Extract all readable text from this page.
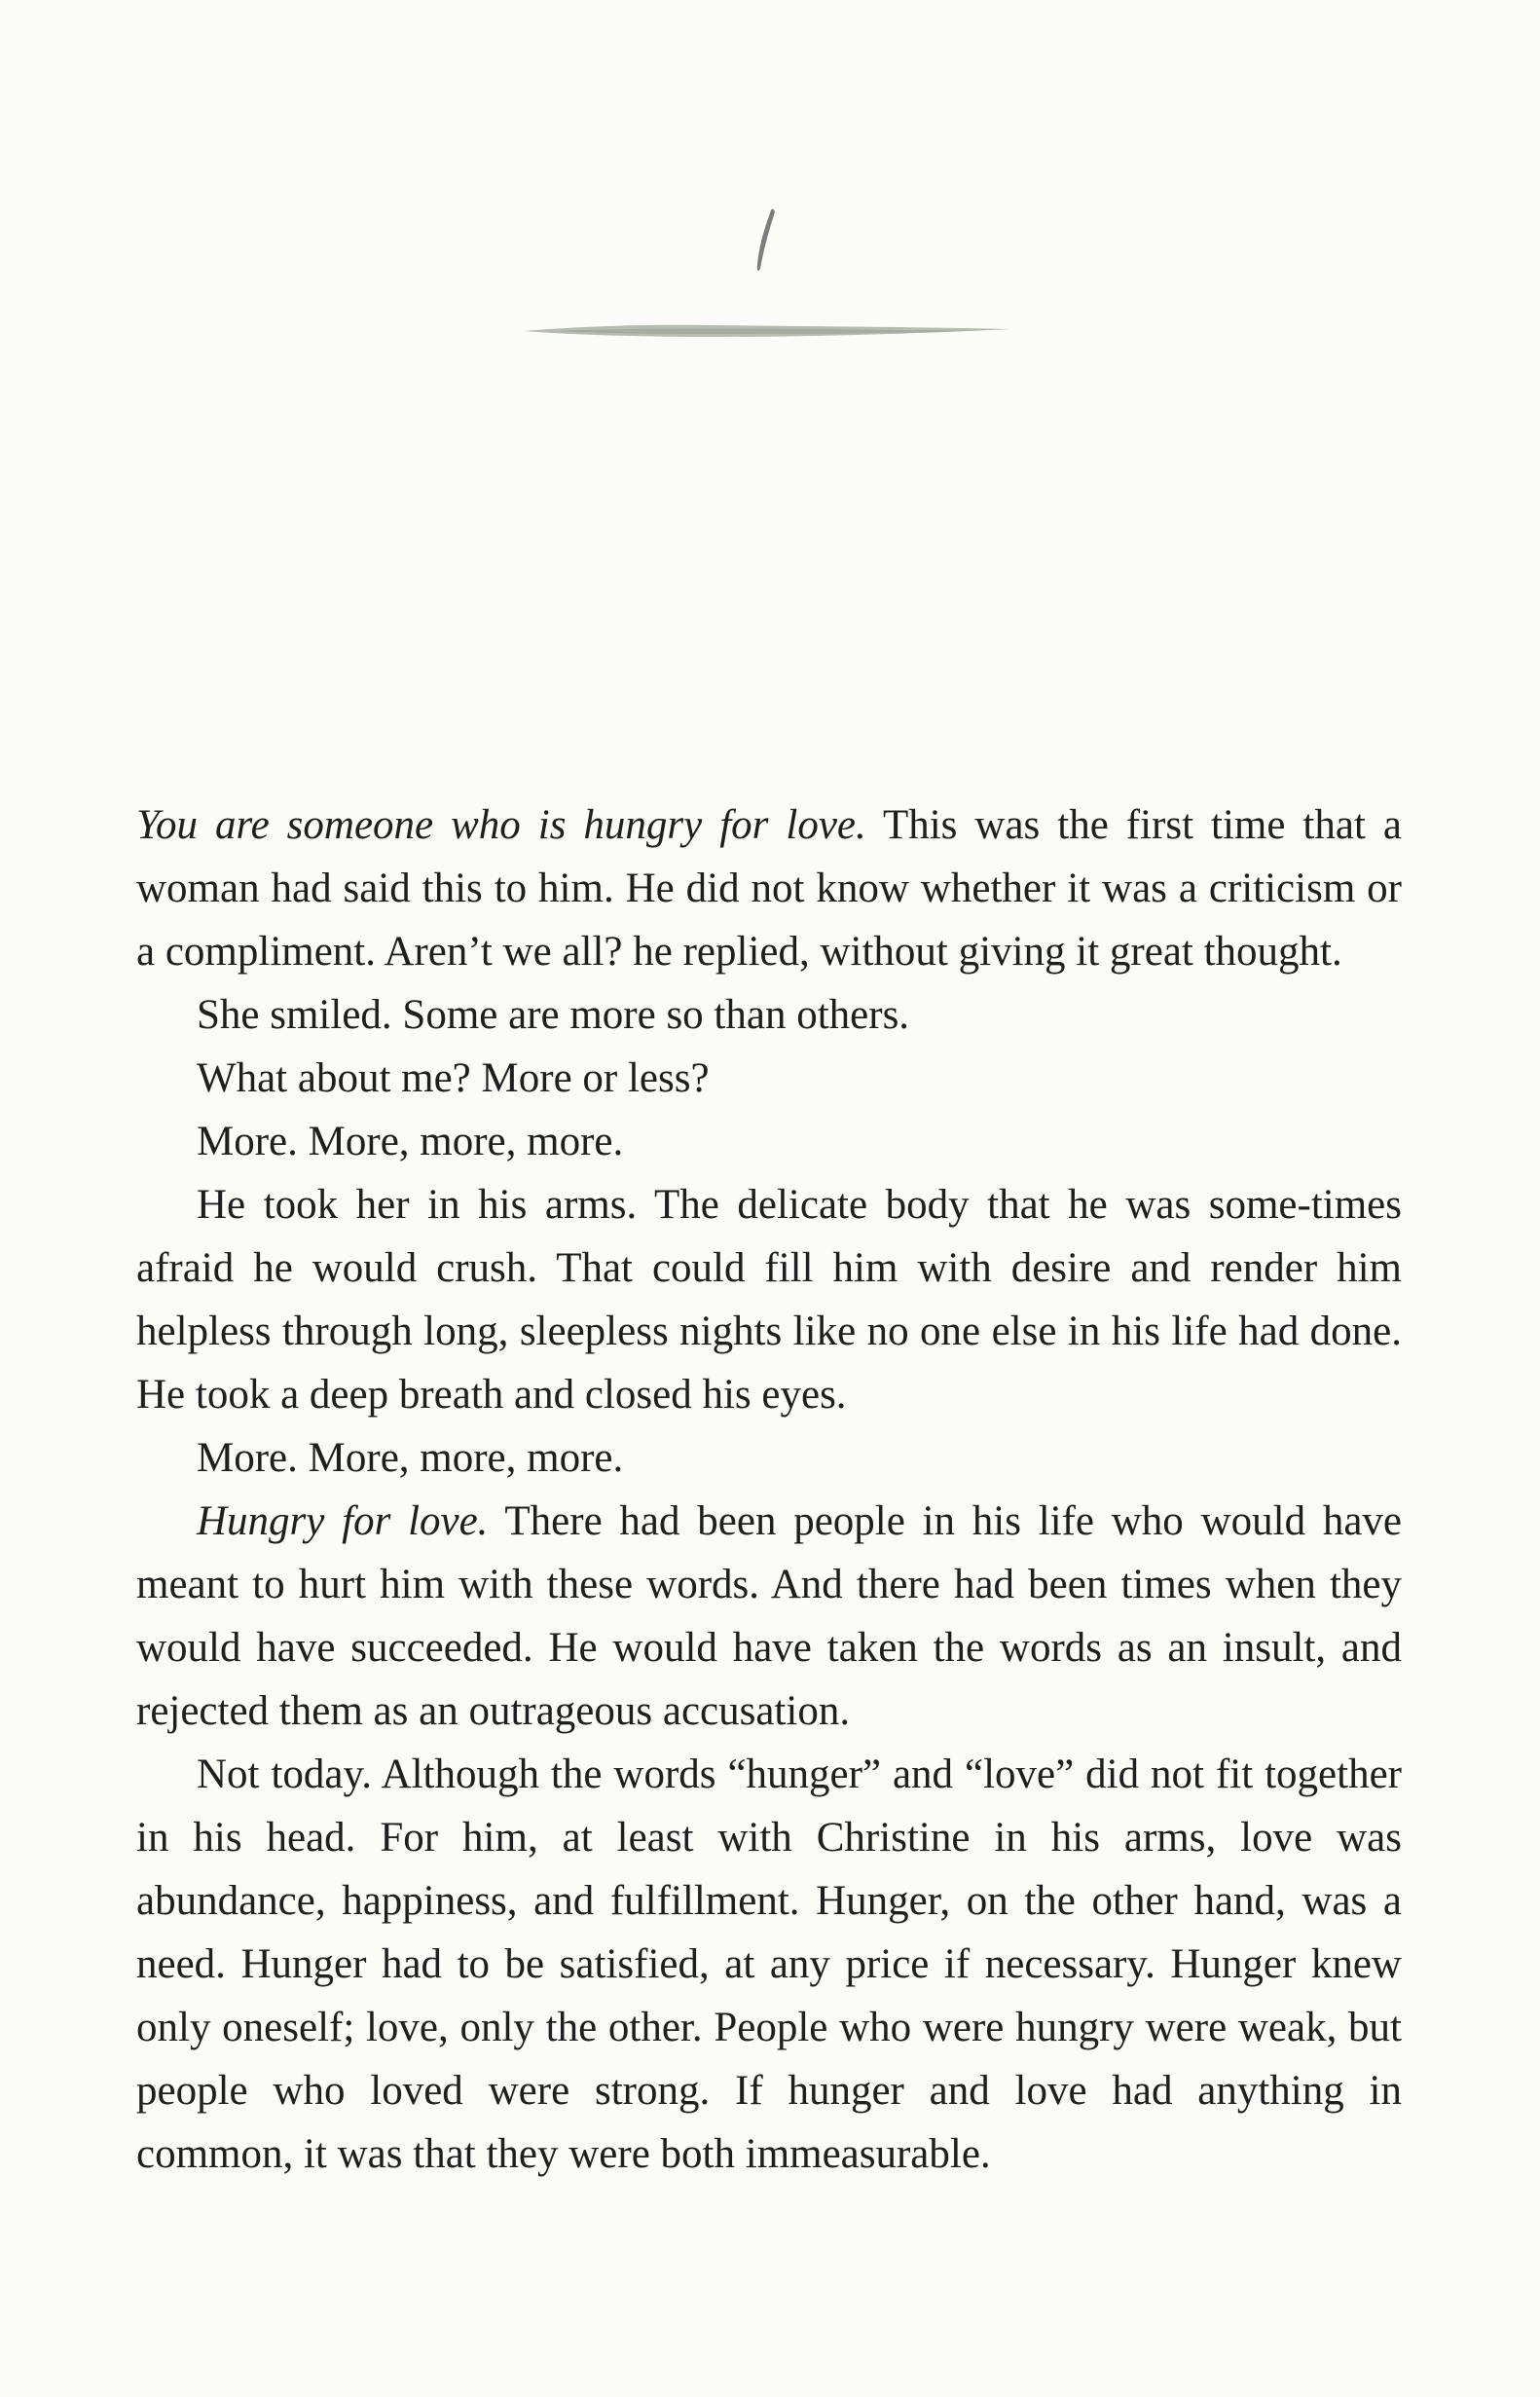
You are someone who is hungry for love. This was the first time that a woman had said this to him. He did not know whether it was a criticism or a compliment. Aren’t we all? he replied, without giving it great thought.

She smiled. Some are more so than others.

What about me? More or less?

More. More, more, more.

He took her in his arms. The delicate body that he was some-times afraid he would crush. That could fill him with desire and render him helpless through long, sleepless nights like no one else in his life had done. He took a deep breath and closed his eyes.

More. More, more, more.

Hungry for love. There had been people in his life who would have meant to hurt him with these words. And there had been times when they would have succeeded. He would have taken the words as an insult, and rejected them as an outrageous accusation.

Not today. Although the words “hunger” and “love” did not fit together in his head. For him, at least with Christine in his arms, love was abundance, happiness, and fulfillment. Hunger, on the other hand, was a need. Hunger had to be satisfied, at any price if necessary. Hunger knew only oneself; love, only the other. People who were hungry were weak, but people who loved were strong. If hunger and love had anything in common, it was that they were both immeasurable.
